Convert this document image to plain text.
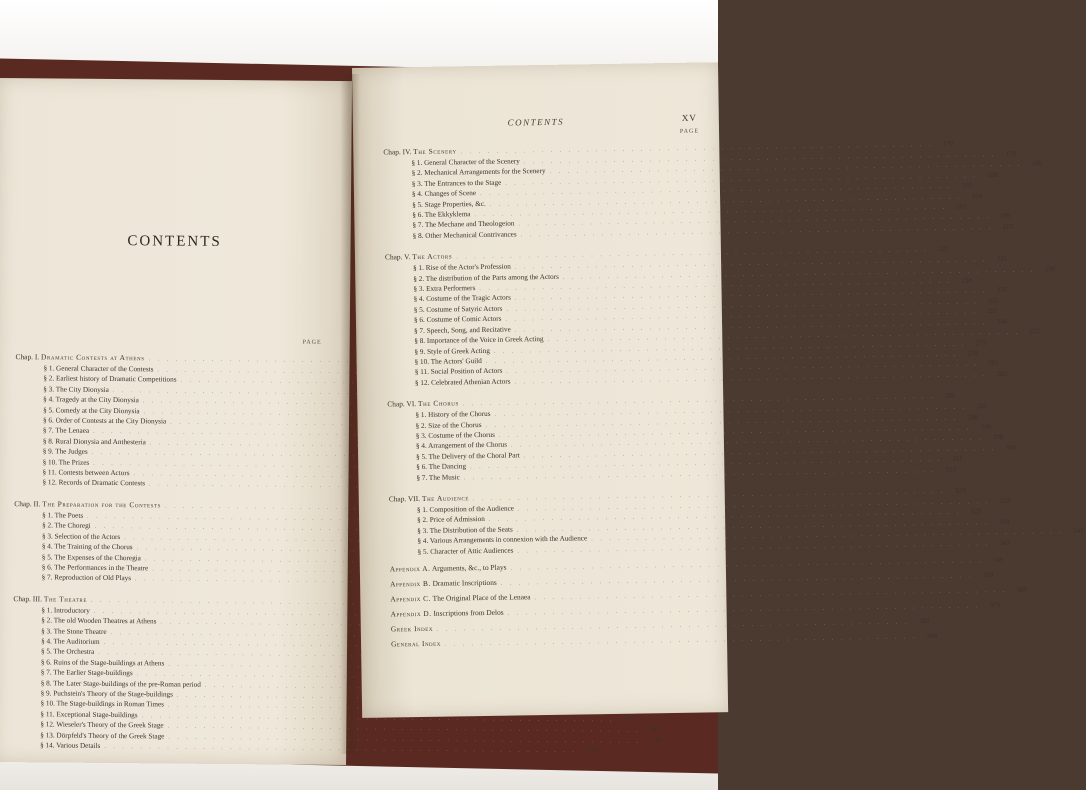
CONTENTS
PAGE
Chap. I. Dramatic Contests at Athens
. . .
§ 1. General Character of the Contests
. . .
§ 2. Earliest history of Dramatic Competitions
. . .
§ 3. The City Dionysia
. . .
§ 4. Tragedy at the City Dionysia
. . .
§ 5. Comedy at the City Dionysia
. . .
§ 6. Order of Contests at the City Dionysia
. . .
§ 7. The Lenaea
. . .
§ 8. Rural Dionysia and Anthesteria
. . .
§ 9. The Judges
. . .
§ 10. The Prizes
. . .
§ 11. Contests between Actors
. . .
§ 12. Records of Dramatic Contests
. . .
Chap. II. The Preparation for the Contests
. . .
§ 1. The Poets
. . .
§ 2. The Choregi
. . .
§ 3. Selection of the Actors
. . .
§ 4. The Training of the Chorus
. . .
§ 5. The Expenses of the Choregia
. . .
§ 6. The Performances in the Theatre
. . .
§ 7. Reproduction of Old Plays
. . .
Chap. III. The Theatre
. . .
§ 1. Introductory
. . .
§ 2. The old Wooden Theatres at Athens
. . .
§ 3. The Stone Theatre
. . .
§ 4. The Auditorium
. . .
§ 5. The Orchestra
. . .
§ 6. Ruins of the Stage-buildings at Athens
. . .
§ 7. The Earlier Stage-buildings
. . .
§ 8. The Later Stage-buildings of the pre-Roman period
. . .
§ 9. Puchstein's Theory of the Stage-buildings
. . .
§ 10. The Stage-buildings in Roman Times
. . .
§ 11. Exceptional Stage-buildings
. . .
137
§ 12. Wieseler's Theory of the Greek Stage
. . .
140
§ 13. Dörpfeld's Theory of the Greek Stage
. . .
144
§ 14. Various Details
. . .
174
CONTENTS	XV
PAGE
Chap. IV. The Scenery
. . .
179
§ 1. General Character of the Scenery
. . .
179
§ 2. Mechanical Arrangements for the Scenery
. . .
186
§ 3. The Entrances to the Stage
. . .
188
§ 4. Changes of Scene
. . .
195
§ 5. Stage Properties, &c.
. . .
199
§ 6. The Ekkyklema
. . .
201
§ 7. The Mechane and Theologeion
. . .
209
§ 8. Other Mechanical Contrivances
. . .
217
Chap. V. The Actors
. . .
221
§ 1. Rise of the Actor's Profession
. . .
221
§ 2. The distribution of the Parts among the Actors
. . .
230
§ 3. Extra Performers
. . .
234
§ 4. Costume of the Tragic Actors
. . .
237
§ 5. Costume of Satyric Actors
. . .
255
§ 6. Costume of Comic Actors
. . .
257
§ 7. Speech, Song, and Recitative
. . .
266
§ 8. Importance of the Voice in Greek Acting
. . .
272
§ 9. Style of Greek Acting
. . .
275
§ 10. The Actors' Guild
. . .
278
§ 11. Social Position of Actors
. . .
281
§ 12. Celebrated Athenian Actors
. . .
282
Chap. VI. The Chorus
. . .
285
§ 1. History of the Chorus
. . .
285
§ 2. Size of the Chorus
. . .
288
§ 3. Costume of the Chorus
. . .
290
§ 4. Arrangement of the Chorus
. . .
298
§ 5. The Delivery of the Choral Part
. . .
305
§ 6. The Dancing
. . .
311
§ 7. The Music
. . .
319
Chap. VII. The Audience
. . .
323
§ 1. Composition of the Audience
. . .
323
§ 2. Price of Admission
. . .
329
§ 3. The Distribution of the Seats
. . .
334
§ 4. Various Arrangements in connexion with the Audience
. . .
341
§ 5. Character of Attic Audiences
. . .
343
Appendix A. Arguments, &c., to Plays
. . .
349
Appendix B. Dramatic Inscriptions
. . .
359
Appendix C. The Original Place of the Lenaea
. . .
368
Appendix D. Inscriptions from Delos
. . .
379
Greek Index
. . .
382
General Index
. . .
386
